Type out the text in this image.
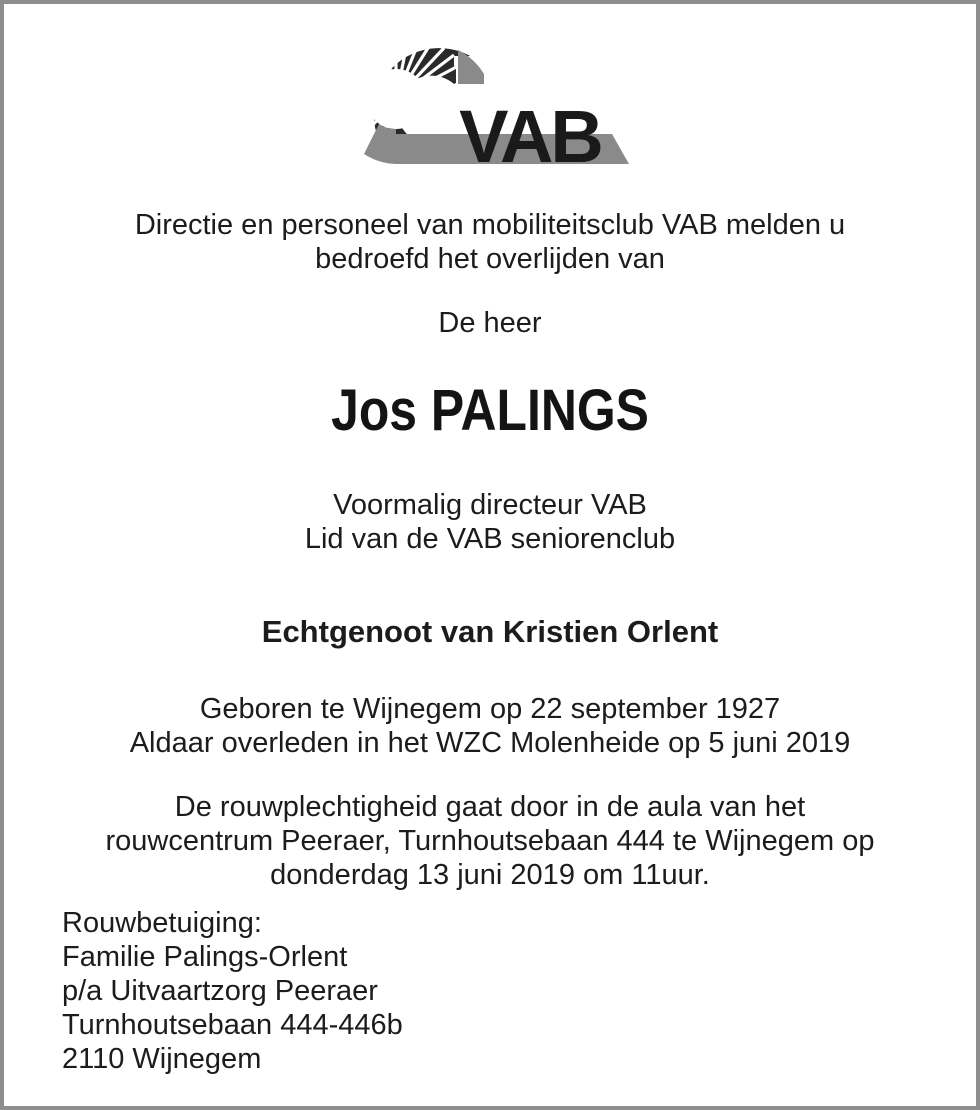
VAB

Directie en personeel van mobiliteitsclub VAB melden u
bedroefd het overlijden van

De heer

Jos PALINGS

Voormalig directeur VAB
Lid van de VAB seniorenclub

Echtgenoot van Kristien Orlent

Geboren te Wijnegem op 22 september 1927
Aldaar overleden in het WZC Molenheide op 5 juni 2019

De rouwplechtigheid gaat door in de aula van het
rouwcentrum Peeraer, Turnhoutsebaan 444 te Wijnegem op
donderdag 13 juni 2019 om 11uur.

Rouwbetuiging:
Familie Palings-Orlent
p/a Uitvaartzorg Peeraer
Turnhoutsebaan 444-446b
2110 Wijnegem
